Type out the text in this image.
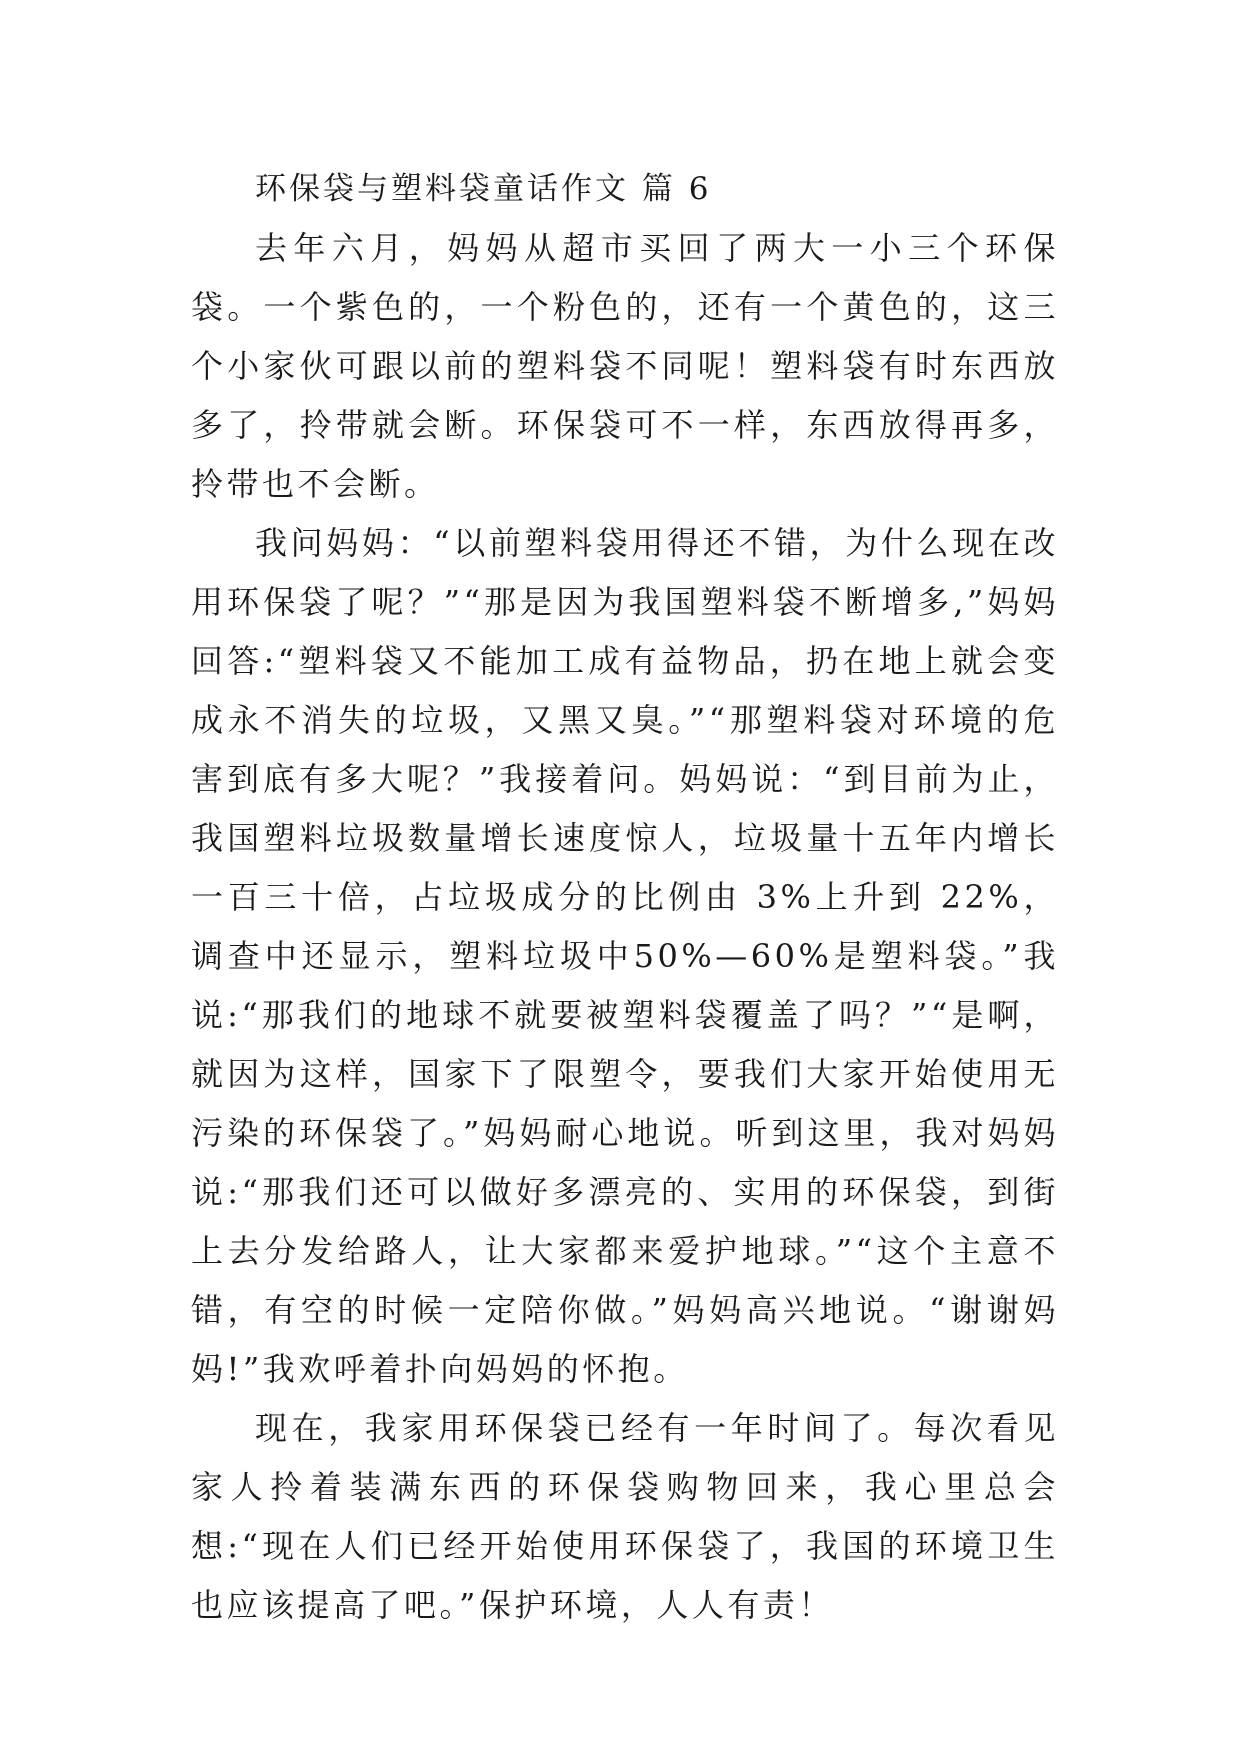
环保袋与塑料袋童话作文 篇 6

去年六月，妈妈从超市买回了两大一小三个环保袋。一个紫色的，一个粉色的，还有一个黄色的，这三个小家伙可跟以前的塑料袋不同呢！塑料袋有时东西放多了，拎带就会断。环保袋可不一样，东西放得再多，拎带也不会断。

我问妈妈：“以前塑料袋用得还不错，为什么现在改用环保袋了呢？”“那是因为我国塑料袋不断增多,”妈妈回答:“塑料袋又不能加工成有益物品，扔在地上就会变成永不消失的垃圾，又黑又臭。”“那塑料袋对环境的危害到底有多大呢？”我接着问。妈妈说：“到目前为止，我国塑料垃圾数量增长速度惊人，垃圾量十五年内增长一百三十倍，占垃圾成分的比例由 3%上升到 22%，调查中还显示，塑料垃圾中50%—60%是塑料袋。”我说:“那我们的地球不就要被塑料袋覆盖了吗？”“是啊，就因为这样，国家下了限塑令，要我们大家开始使用无污染的环保袋了。”妈妈耐心地说。听到这里，我对妈妈说:“那我们还可以做好多漂亮的、实用的环保袋，到街上去分发给路人，让大家都来爱护地球。”“这个主意不错，有空的时候一定陪你做。”妈妈高兴地说。“谢谢妈妈!”我欢呼着扑向妈妈的怀抱。

现在，我家用环保袋已经有一年时间了。每次看见家人拎着装满东西的环保袋购物回来，我心里总会想:“现在人们已经开始使用环保袋了，我国的环境卫生也应该提高了吧。”保护环境，人人有责！
